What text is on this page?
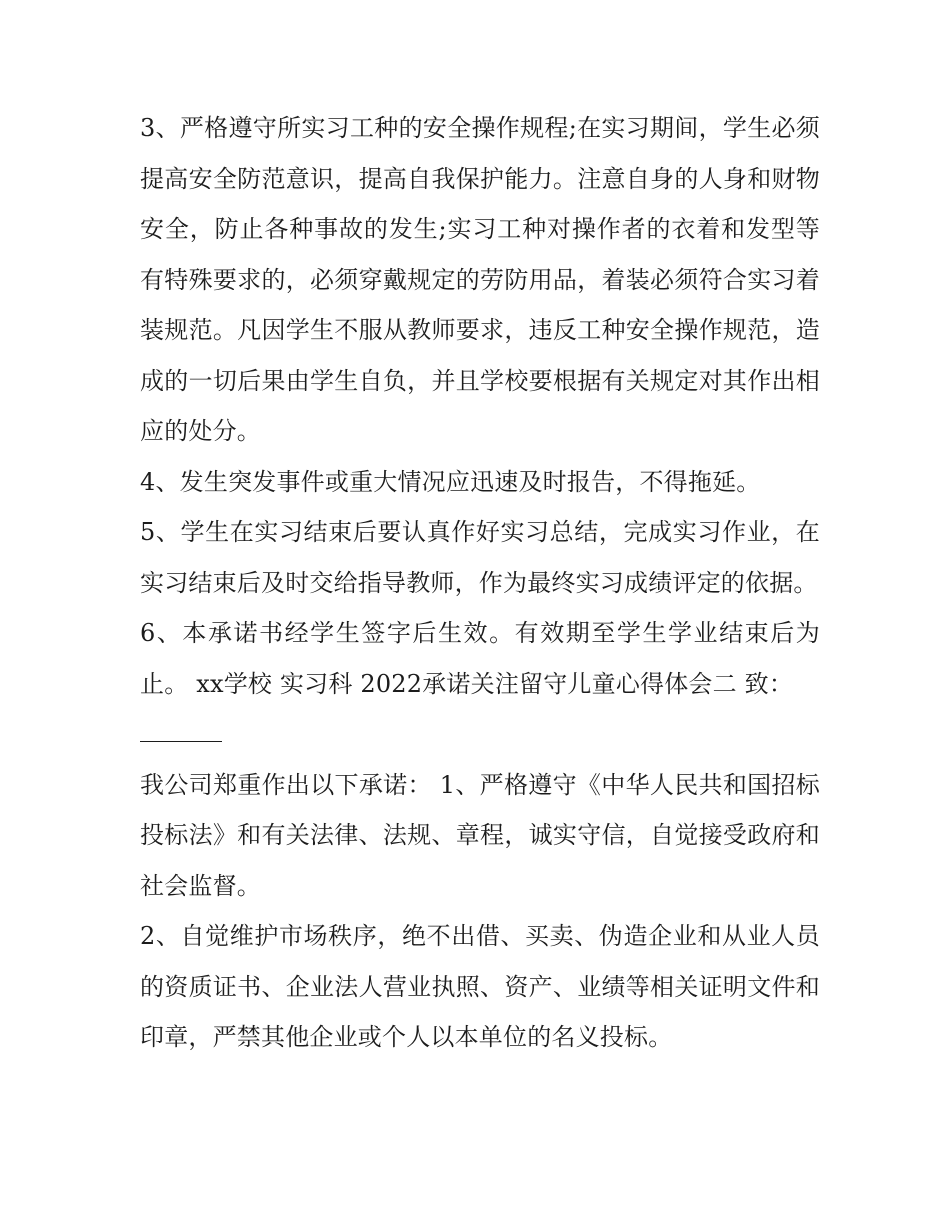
3、严格遵守所实习工种的安全操作规程;在实习期间，学生必须提高安全防范意识，提高自我保护能力。注意自身的人身和财物安全，防止各种事故的发生;实习工种对操作者的衣着和发型等有特殊要求的，必须穿戴规定的劳防用品，着装必须符合实习着装规范。凡因学生不服从教师要求，违反工种安全操作规范，造成的一切后果由学生自负，并且学校要根据有关规定对其作出相应的处分。

4、发生突发事件或重大情况应迅速及时报告，不得拖延。

5、学生在实习结束后要认真作好实习总结，完成实习作业，在实习结束后及时交给指导教师，作为最终实习成绩评定的依据。

6、本承诺书经学生签字后生效。有效期至学生学业结束后为止。 xx学校 实习科 2022承诺关注留守儿童心得体会二 致：

我公司郑重作出以下承诺： 1、严格遵守《中华人民共和国招标投标法》和有关法律、法规、章程，诚实守信，自觉接受政府和社会监督。

2、自觉维护市场秩序，绝不出借、买卖、伪造企业和从业人员的资质证书、企业法人营业执照、资产、业绩等相关证明文件和印章，严禁其他企业或个人以本单位的名义投标。
